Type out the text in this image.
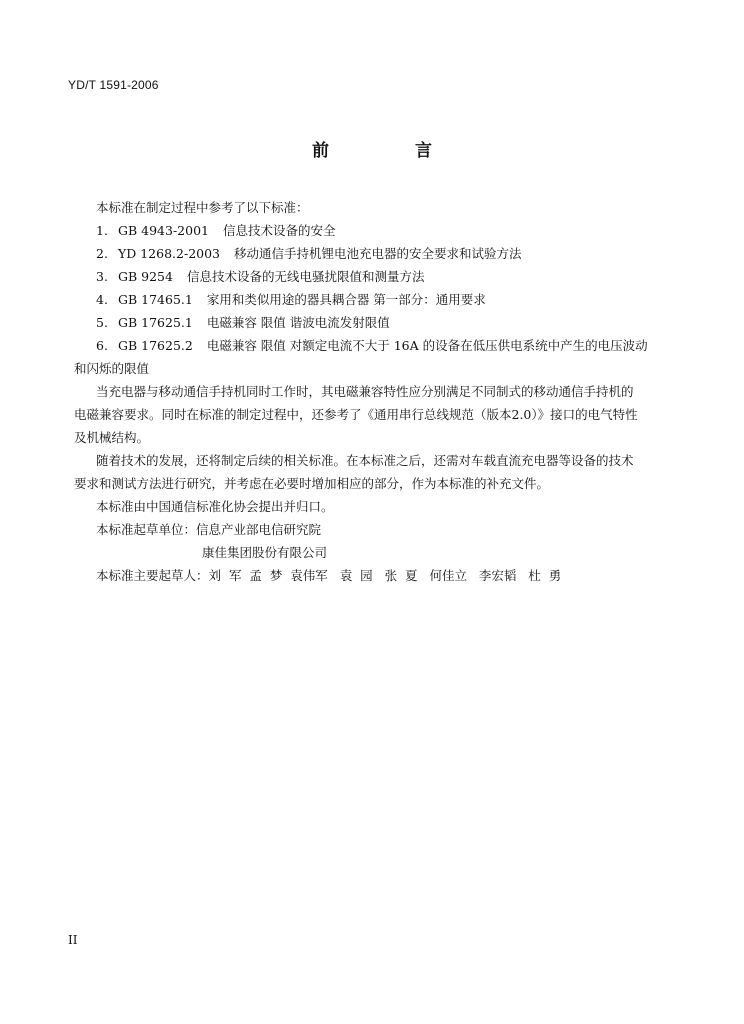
YD/T 1591-2006
前 言
本标准在制定过程中参考了以下标准：
1. GB 4943-2001 信息技术设备的安全
2. YD 1268.2-2003 移动通信手持机锂电池充电器的安全要求和试验方法
3. GB 9254 信息技术设备的无线电骚扰限值和测量方法
4. GB 17465.1 家用和类似用途的器具耦合器 第一部分：通用要求
5. GB 17625.1 电磁兼容 限值 谐波电流发射限值
6. GB 17625.2 电磁兼容 限值 对额定电流不大于 16A 的设备在低压供电系统中产生的电压波动
和闪烁的限值
当充电器与移动通信手持机同时工作时，其电磁兼容特性应分别满足不同制式的移动通信手持机的
电磁兼容要求。同时在标准的制定过程中，还参考了《通用串行总线规范（版本2.0）》接口的电气特性
及机械结构。
随着技术的发展，还将制定后续的相关标准。在本标准之后，还需对车载直流充电器等设备的技术
要求和测试方法进行研究，并考虑在必要时增加相应的部分，作为本标准的补充文件。
本标准由中国通信标准化协会提出并归口。
本标准起草单位：信息产业部电信研究院
康佳集团股份有限公司
本标准主要起草人：刘  军  孟  梦  袁伟军   袁  园   张  夏   何佳立   李宏韬   杜  勇
II
